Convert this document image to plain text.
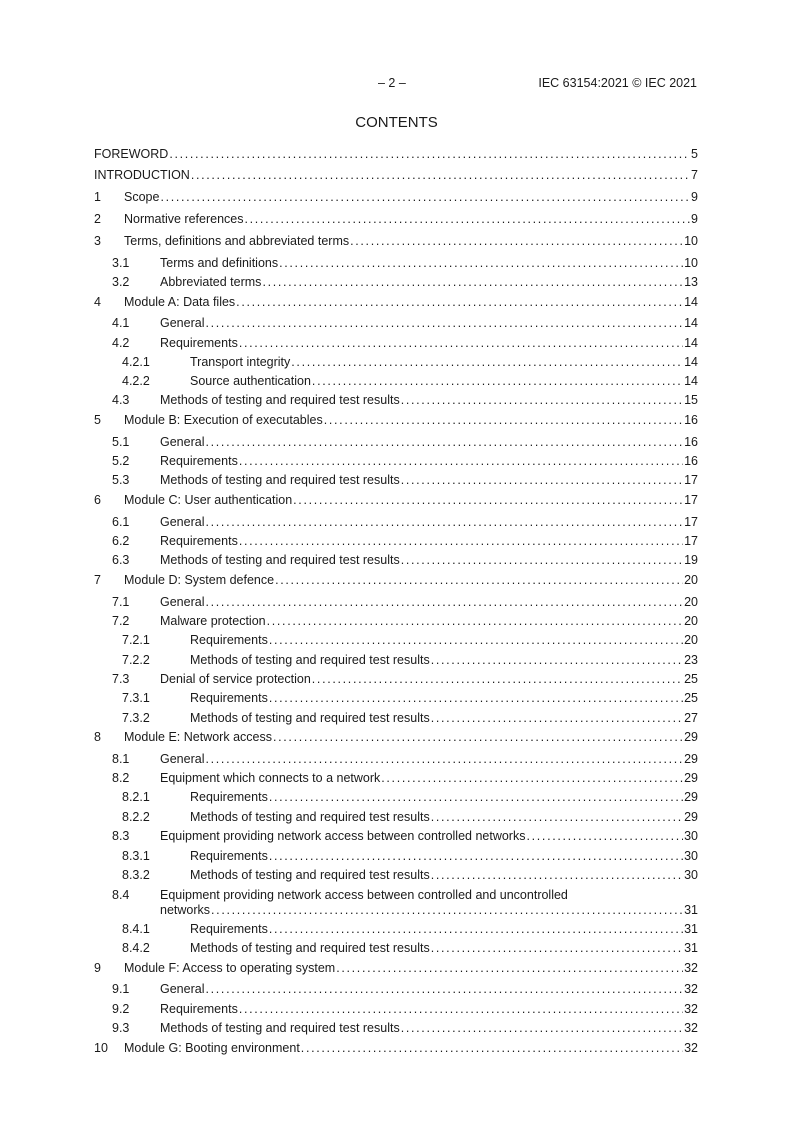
– 2 –	IEC 63154:2021 © IEC 2021
CONTENTS
FOREWORD . . .	5
INTRODUCTION . . .	7
1 Scope . . .	9
2 Normative references . . .	9
3 Terms, definitions and abbreviated terms . . .	10
3.1 Terms and definitions . . .	10
3.2 Abbreviated terms . . .	13
4 Module A: Data files . . .	14
4.1 General . . .	14
4.2 Requirements . . .	14
4.2.1	Transport integrity . . .	14
4.2.2	Source authentication . . .	14
4.3 Methods of testing and required test results . . .	15
5 Module B: Execution of executables . . .	16
5.1 General . . .	16
5.2 Requirements . . .	16
5.3 Methods of testing and required test results . . .	17
6 Module C: User authentication . . .	17
6.1 General . . .	17
6.2 Requirements . . .	17
6.3 Methods of testing and required test results . . .	19
7 Module D: System defence . . .	20
7.1 General . . .	20
7.2 Malware protection . . .	20
7.2.1	Requirements . . .	20
7.2.2	Methods of testing and required test results . . .	23
7.3 Denial of service protection . . .	25
7.3.1	Requirements . . .	25
7.3.2	Methods of testing and required test results . . .	27
8 Module E: Network access . . .	29
8.1 General . . .	29
8.2 Equipment which connects to a network . . .	29
8.2.1	Requirements . . .	29
8.2.2	Methods of testing and required test results . . .	29
8.3 Equipment providing network access between controlled networks . . .	30
8.3.1	Requirements . . .	30
8.3.2	Methods of testing and required test results . . .	30
8.4 Equipment providing network access between controlled and uncontrolled
networks . . .	31
8.4.1	Requirements . . .	31
8.4.2	Methods of testing and required test results . . .	31
9 Module F: Access to operating system . . .	32
9.1 General . . .	32
9.2 Requirements . . .	32
9.3 Methods of testing and required test results . . .	32
10 Module G: Booting environment . . .	32
